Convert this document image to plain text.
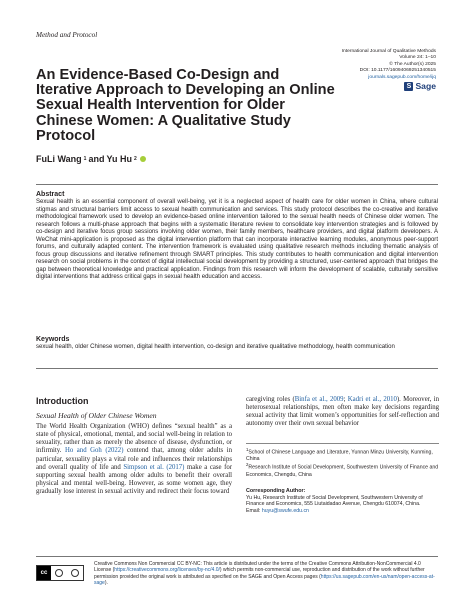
Method and Protocol
International Journal of Qualitative Methods
Volume 24: 1–10
© The Author(s) 2025
DOI: 10.1177/16094069251340515
journals.sagepub.com/home/ijq
S Sage
An Evidence-Based Co-Design and Iterative Approach to Developing an Online Sexual Health Intervention for Older Chinese Women: A Qualitative Study Protocol
FuLi Wang 1 and Yu Hu 2
Abstract
Sexual health is an essential component of overall well-being, yet it is a neglected aspect of health care for older women in China, where cultural stigmas and structural barriers limit access to sexual health communication and services. This study protocol describes the co-creative and iterative methodological framework used to develop an evidence-based online intervention tailored to the sexual health needs of Chinese older women. The research follows a multi-phase approach that begins with a systematic literature review to consolidate key intervention strategies and is followed by co-design and iterative focus group sessions involving older women, their family members, healthcare providers, and digital platform developers. A WeChat mini-application is proposed as the digital intervention platform that can incorporate interactive learning modules, anonymous peer-support forums, and culturally adapted content. The intervention framework is evaluated using qualitative research methods including thematic analysis of focus group discussions and iterative refinement through SMART principles. This study contributes to health communication and digital intervention research on social problems in the context of digital intellectual social development by providing a structured, user-centered approach that bridges the gap between theoretical knowledge and practical application. Findings from this research will inform the development of scalable, culturally sensitive digital interventions that address critical gaps in sexual health education and access.
Keywords
sexual health, older Chinese women, digital health intervention, co-design and iterative qualitative methodology, health communication
Introduction
Sexual Health of Older Chinese Women
The World Health Organization (WHO) defines “sexual health” as a state of physical, emotional, mental, and social well-being in relation to sexuality, rather than as merely the absence of disease, dysfunction, or infirmity. Ho and Goh (2022) contend that, among older adults in particular, sexuality plays a vital role and influences their relationships and overall quality of life and Simpson et al. (2017) make a case for supporting sexual health among older adults to benefit their overall physical and mental well-being. However, as some women age, they gradually lose interest in sexual activity and redirect their focus toward
caregiving roles (Binfa et al., 2009; Kadri et al., 2010). Moreover, in heterosexual relationships, men often make key decisions regarding sexual activity that limit women’s opportunities for self-reflection and autonomy over their own sexual behavior
$^1$School of Chinese Language and Literature, Yunnan Minzu University, Kunming, China
$^2$Research Institute of Social Development, Southwestern University of Finance and Economics, Chengdu, China
Corresponding Author:
Yu Hu, Research Institute of Social Development, Southwestern University of Finance and Economics, 555 Liutaidadao Avenue, Chengdu 610074, China.
Email: huyu@swufe.edu.cn
cc
Creative Commons Non Commercial CC BY-NC: This article is distributed under the terms of the Creative Commons Attribution-NonCommercial 4.0 License (https://creativecommons.org/licenses/by-nc/4.0/) which permits non-commercial use, reproduction and distribution of the work without further permission provided the original work is attributed as specified on the SAGE and Open Access pages (https://us.sagepub.com/en-us/nam/open-access-at-sage).
